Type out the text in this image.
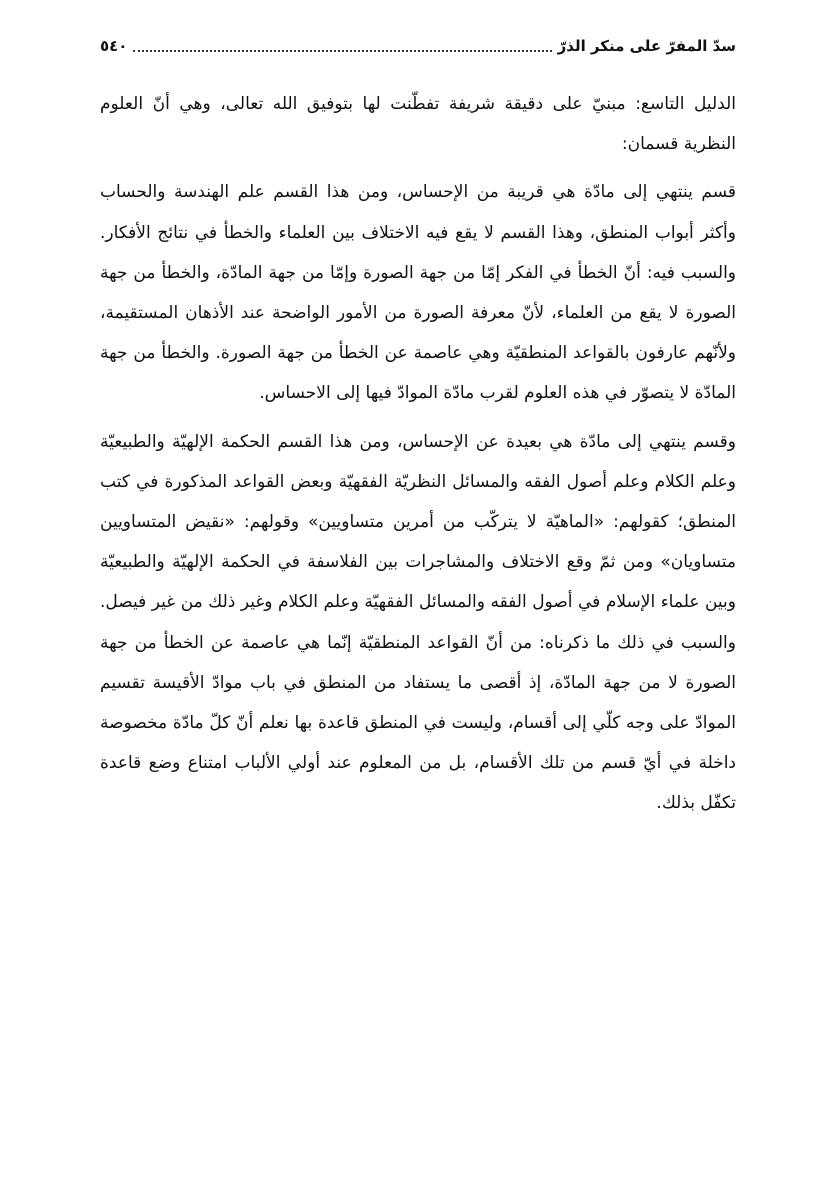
سدّ المفرّ على منكر الذرّ
٥٤٠

الدليل التاسع: مبنيّ على دقيقة شريفة تفطّنت لها بتوفيق الله تعالى، وهي أنّ العلوم النظرية قسمان:

قسم ينتهي إلى مادّة هي قريبة من الإحساس، ومن هذا القسم علم الهندسة والحساب وأكثر أبواب المنطق، وهذا القسم لا يقع فيه الاختلاف بين العلماء والخطأ في نتائج الأفكار. والسبب فيه: أنّ الخطأ في الفكر إمّا من جهة الصورة وإمّا من جهة المادّة، والخطأ من جهة الصورة لا يقع من العلماء، لأنّ معرفة الصورة من الأمور الواضحة عند الأذهان المستقيمة، ولأنّهم عارفون بالقواعد المنطقيّة وهي عاصمة عن الخطأ من جهة الصورة. والخطأ من جهة المادّة لا يتصوّر في هذه العلوم لقرب مادّة الموادّ فيها إلى الاحساس.

وقسم ينتهي إلى مادّة هي بعيدة عن الإحساس، ومن هذا القسم الحكمة الإلهيّة والطبيعيّة وعلم الكلام وعلم أصول الفقه والمسائل النظريّة الفقهيّة وبعض القواعد المذكورة في كتب المنطق؛ كقولهم: «الماهيّة لا يتركّب من أمرين متساويين» وقولهم: «نقيض المتساويين متساويان» ومن ثمّ وقع الاختلاف والمشاجرات بين الفلاسفة في الحكمة الإلهيّة والطبيعيّة وبين علماء الإسلام في أصول الفقه والمسائل الفقهيّة وعلم الكلام وغير ذلك من غير فيصل. والسبب في ذلك ما ذكرناه: من أنّ القواعد المنطقيّة إنّما هي عاصمة عن الخطأ من جهة الصورة لا من جهة المادّة، إذ أقصى ما يستفاد من المنطق في باب موادّ الأقيسة تقسيم الموادّ على وجه كلّي إلى أقسام، وليست في المنطق قاعدة بها نعلم أنّ كلّ مادّة مخصوصة داخلة في أيّ قسم من تلك الأقسام، بل من المعلوم عند أولي الألباب امتناع وضع قاعدة تكفّل بذلك.
